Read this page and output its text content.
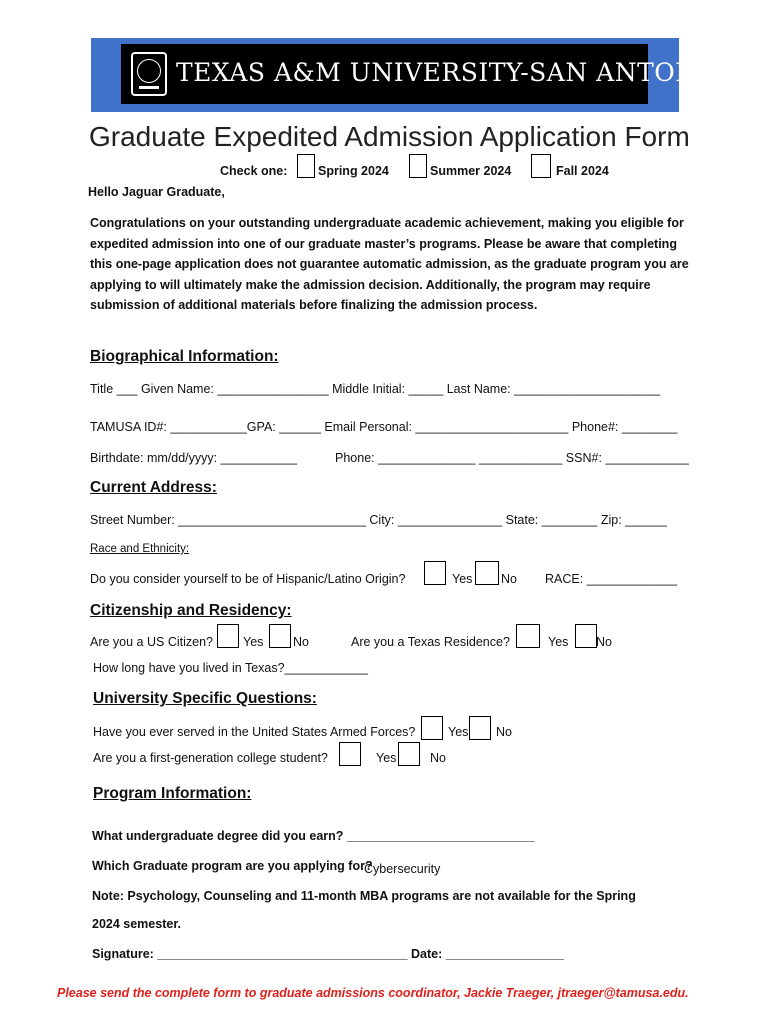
TEXAS A&M UNIVERSITY-SAN ANTONIO
Graduate Expedited Admission Application Form
Check one: Spring 2024	Summer 2024	Fall 2024
Hello Jaguar Graduate,
Congratulations on your outstanding undergraduate academic achievement, making you eligible for expedited admission into one of our graduate master’s programs. Please be aware that completing this one-page application does not guarantee automatic admission, as the graduate program you are applying to will ultimately make the admission decision. Additionally, the program may require submission of additional materials before finalizing the admission process.
Biographical Information:
Title ___ Given Name: ________________ Middle Initial: _____ Last Name: _____________________
TAMUSA ID#: ___________GPA: ______ Email Personal: ______________________ Phone#: ________
Birthdate: mm/dd/yyyy: ___________	Phone: ______________ ____________ SSN#: ____________
Current Address:
Street Number: ___________________________ City: _______________ State: ________ Zip: ______
Race and Ethnicity:
Do you consider yourself to be of Hispanic/Latino Origin?	Yes No RACE: _____________
Citizenship and Residency:
Are you a US Citizen? Yes No	Are you a Texas Residence?	Yes No
How long have you lived in Texas?____________
University Specific Questions:
Have you ever served in the United States Armed Forces?	Yes No
Are you a first-generation college student?	Yes	No
Program Information:
What undergraduate degree did you earn? ___________________________
Which Graduate program are you applying for?
Cybersecurity
Note: Psychology, Counseling and 11-month MBA programs are not available for the Spring
2024 semester.
Signature: ____________________________________ Date: _________________
Please send the complete form to graduate admissions coordinator, Jackie Traeger, jtraeger@tamusa.edu.
